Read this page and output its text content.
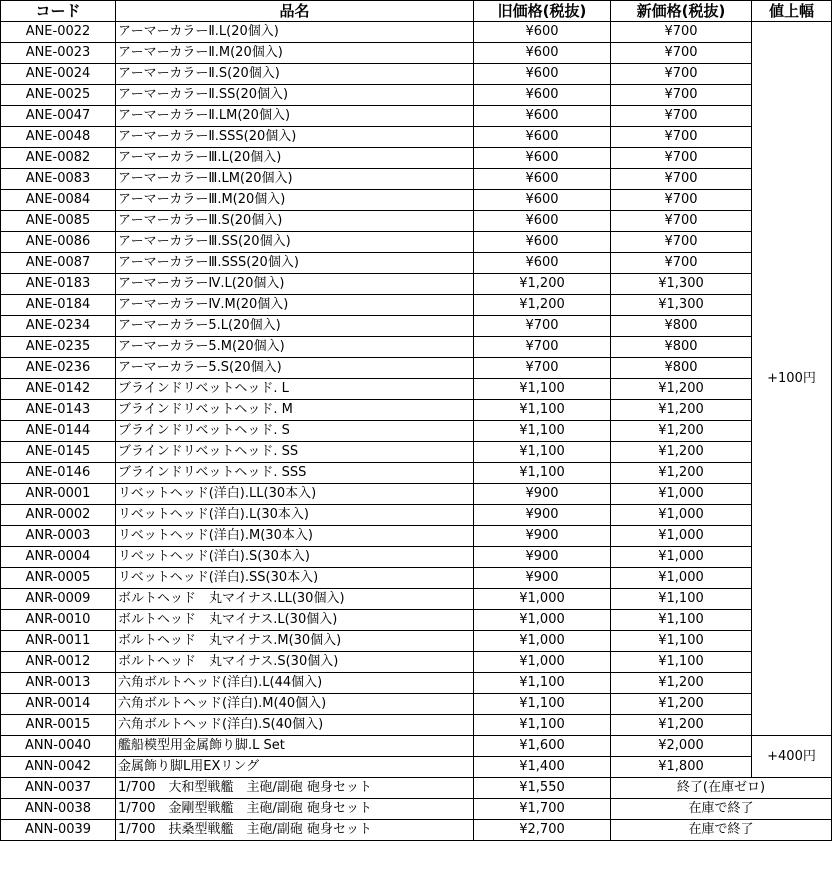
コード	品名	旧価格(税抜)	新価格(税抜)	値上幅
ANE-0022	アーマーカラーⅡ.L(20個入)	¥600	¥700	+100円
ANE-0023	アーマーカラーⅡ.M(20個入)	¥600	¥700	
ANE-0024	アーマーカラーⅡ.S(20個入)	¥600	¥700	
ANE-0025	アーマーカラーⅡ.SS(20個入)	¥600	¥700	
ANE-0047	アーマーカラーⅡ.LM(20個入)	¥600	¥700	
ANE-0048	アーマーカラーⅡ.SSS(20個入)	¥600	¥700	
ANE-0082	アーマーカラーⅢ.L(20個入)	¥600	¥700	
ANE-0083	アーマーカラーⅢ.LM(20個入)	¥600	¥700	
ANE-0084	アーマーカラーⅢ.M(20個入)	¥600	¥700	
ANE-0085	アーマーカラーⅢ.S(20個入)	¥600	¥700	
ANE-0086	アーマーカラーⅢ.SS(20個入)	¥600	¥700	
ANE-0087	アーマーカラーⅢ.SSS(20個入)	¥600	¥700	
ANE-0183	アーマーカラーⅣ.L(20個入)	¥1,200	¥1,300	
ANE-0184	アーマーカラーⅣ.M(20個入)	¥1,200	¥1,300	
ANE-0234	アーマーカラー5.L(20個入)	¥700	¥800	
ANE-0235	アーマーカラー5.M(20個入)	¥700	¥800	
ANE-0236	アーマーカラー5.S(20個入)	¥700	¥800	
ANE-0142	ブラインドリベットヘッド. L	¥1,100	¥1,200	
ANE-0143	ブラインドリベットヘッド. M	¥1,100	¥1,200	
ANE-0144	ブラインドリベットヘッド. S	¥1,100	¥1,200	
ANE-0145	ブラインドリベットヘッド. SS	¥1,100	¥1,200	
ANE-0146	ブラインドリベットヘッド. SSS	¥1,100	¥1,200	
ANR-0001	リベットヘッド(洋白).LL(30本入)	¥900	¥1,000	
ANR-0002	リベットヘッド(洋白).L(30本入)	¥900	¥1,000	
ANR-0003	リベットヘッド(洋白).M(30本入)	¥900	¥1,000	
ANR-0004	リベットヘッド(洋白).S(30本入)	¥900	¥1,000	
ANR-0005	リベットヘッド(洋白).SS(30本入)	¥900	¥1,000	
ANR-0009	ボルトヘッド　丸マイナス.LL(30個入)	¥1,000	¥1,100	
ANR-0010	ボルトヘッド　丸マイナス.L(30個入)	¥1,000	¥1,100	
ANR-0011	ボルトヘッド　丸マイナス.M(30個入)	¥1,000	¥1,100	
ANR-0012	ボルトヘッド　丸マイナス.S(30個入)	¥1,000	¥1,100	
ANR-0013	六角ボルトヘッド(洋白).L(44個入)	¥1,100	¥1,200	
ANR-0014	六角ボルトヘッド(洋白).M(40個入)	¥1,100	¥1,200	
ANR-0015	六角ボルトヘッド(洋白).S(40個入)	¥1,100	¥1,200	
ANN-0040	艦船模型用金属飾り脚.L Set	¥1,600	¥2,000	+400円
ANN-0042	金属飾り脚L用EXリング	¥1,400	¥1,800	
ANN-0037	1/700　大和型戦艦　主砲/副砲 砲身セット	¥1,550	終了(在庫ゼロ)	
ANN-0038	1/700　金剛型戦艦　主砲/副砲 砲身セット	¥1,700	在庫で終了	
ANN-0039	1/700　扶桑型戦艦　主砲/副砲 砲身セット	¥2,700	在庫で終了	
